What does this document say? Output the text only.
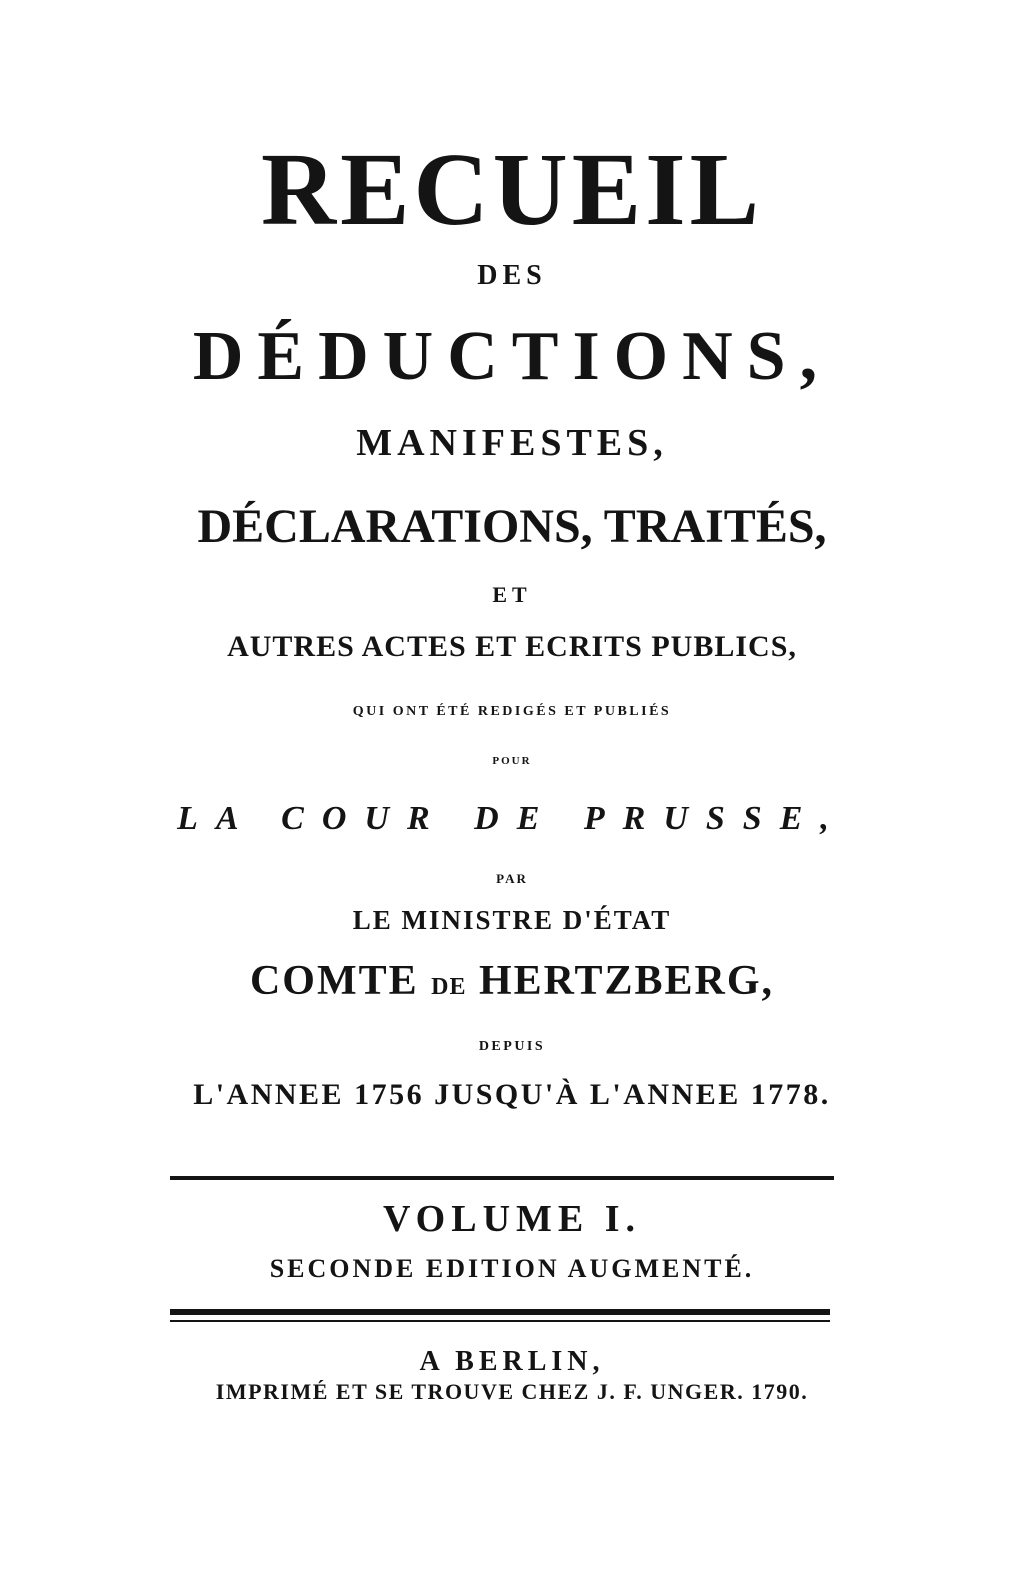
RECUEIL
DES
DÉDUCTIONS,
MANIFESTES,
DÉCLARATIONS, TRAITÉS,
ET
AUTRES ACTES ET ECRITS PUBLICS,
QUI ONT ÉTÉ REDIGÉS ET PUBLIÉS
POUR
LA COUR DE PRUSSE,
PAR
LE MINISTRE D'ÉTAT
COMTE DE HERTZBERG,
DEPUIS
L'ANNEE 1756 JUSQU'À L'ANNEE 1778.
VOLUME I.
SECONDE EDITION AUGMENTÉ.
A BERLIN,
IMPRIMÉ ET SE TROUVE CHEZ J. F. UNGER. 1790.
